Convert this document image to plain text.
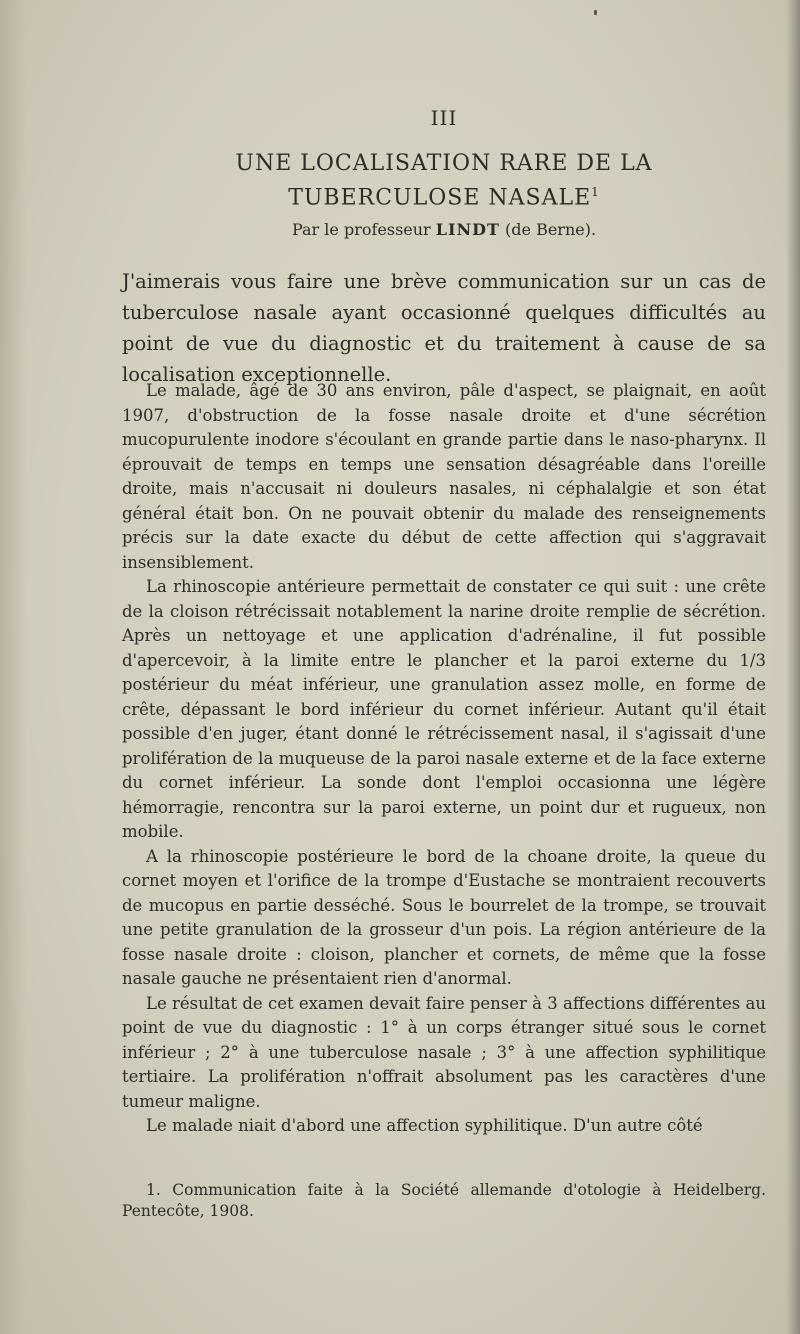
III
UNE LOCALISATION RARE DE LA
TUBERCULOSE NASALE$^1$
Par le professeur LINDT (de Berne).

J'aimerais vous faire une brève communication sur un cas de tuberculose nasale ayant occasionné quelques difficultés au point de vue du diagnostic et du traitement à cause de sa localisation exceptionnelle.

Le malade, âgé de 30 ans environ, pâle d'aspect, se plaignait, en août 1907, d'obstruction de la fosse nasale droite et d'une sécrétion mucopurulente inodore s'écoulant en grande partie dans le naso-pharynx. Il éprouvait de temps en temps une sensation désagréable dans l'oreille droite, mais n'accusait ni douleurs nasales, ni céphalalgie et son état général était bon. On ne pouvait obtenir du malade des renseignements précis sur la date exacte du début de cette affection qui s'aggravait insensiblement.

La rhinoscopie antérieure permettait de constater ce qui suit : une crête de la cloison rétrécissait notablement la narine droite remplie de sécrétion. Après un nettoyage et une application d'adrénaline, il fut possible d'apercevoir, à la limite entre le plancher et la paroi externe du 1/3 postérieur du méat inférieur, une granulation assez molle, en forme de crête, dépassant le bord inférieur du cornet inférieur. Autant qu'il était possible d'en juger, étant donné le rétrécissement nasal, il s'agissait d'une prolifération de la muqueuse de la paroi nasale externe et de la face externe du cornet inférieur. La sonde dont l'emploi occasionna une légère hémorragie, rencontra sur la paroi externe, un point dur et rugueux, non mobile.

A la rhinoscopie postérieure le bord de la choane droite, la queue du cornet moyen et l'orifice de la trompe d'Eustache se montraient recouverts de mucopus en partie desséché. Sous le bourrelet de la trompe, se trouvait une petite granulation de la grosseur d'un pois. La région antérieure de la fosse nasale droite : cloison, plancher et cornets, de même que la fosse nasale gauche ne présentaient rien d'anormal.

Le résultat de cet examen devait faire penser à 3 affections différentes au point de vue du diagnostic : 1° à un corps étranger situé sous le cornet inférieur ; 2° à une tuberculose nasale ; 3° à une affection syphilitique tertiaire. La prolifération n'offrait absolument pas les caractères d'une tumeur maligne.

Le malade niait d'abord une affection syphilitique. D'un autre côté

1. Communication faite à la Société allemande d'otologie à Heidelberg. Pentecôte, 1908.
